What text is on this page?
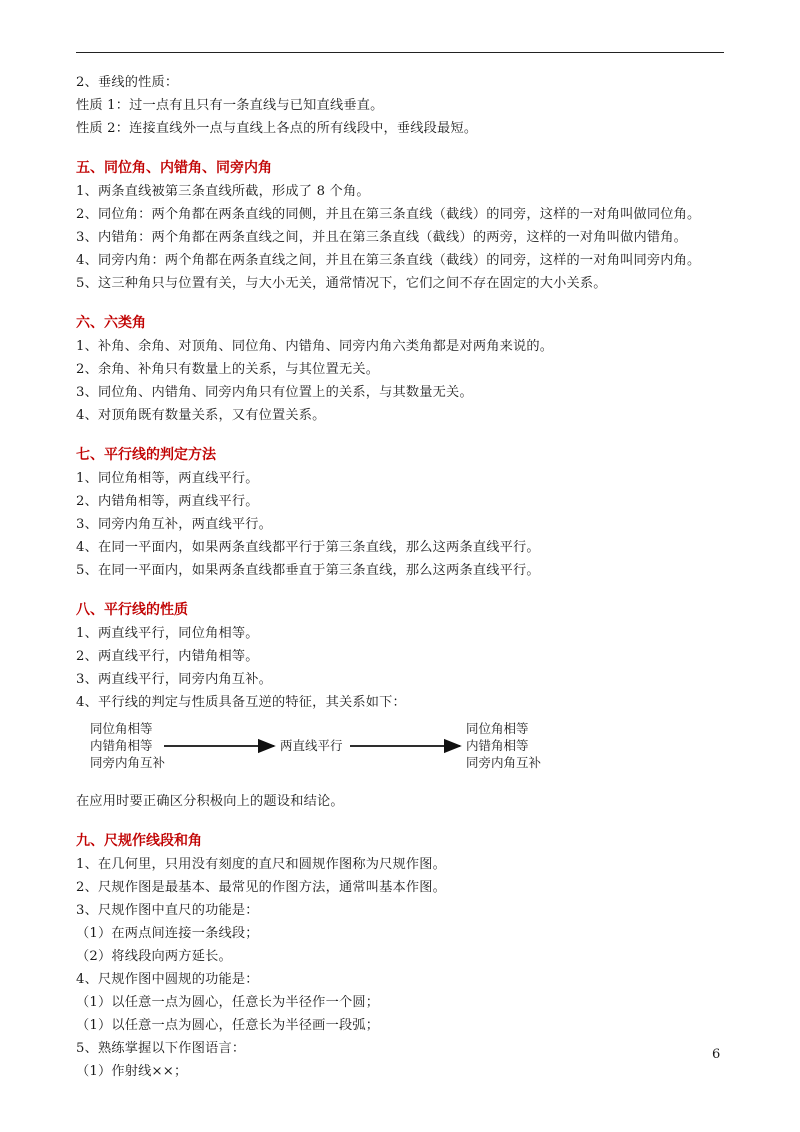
2、垂线的性质：
性质 1：过一点有且只有一条直线与已知直线垂直。
性质 2：连接直线外一点与直线上各点的所有线段中，垂线段最短。
五、同位角、内错角、同旁内角
1、两条直线被第三条直线所截，形成了 8 个角。
2、同位角：两个角都在两条直线的同侧，并且在第三条直线（截线）的同旁，这样的一对角叫做同位角。
3、内错角：两个角都在两条直线之间，并且在第三条直线（截线）的两旁，这样的一对角叫做内错角。
4、同旁内角：两个角都在两条直线之间，并且在第三条直线（截线）的同旁，这样的一对角叫同旁内角。
5、这三种角只与位置有关，与大小无关，通常情况下，它们之间不存在固定的大小关系。
六、六类角
1、补角、余角、对顶角、同位角、内错角、同旁内角六类角都是对两角来说的。
2、余角、补角只有数量上的关系，与其位置无关。
3、同位角、内错角、同旁内角只有位置上的关系，与其数量无关。
4、对顶角既有数量关系，又有位置关系。
七、平行线的判定方法
1、同位角相等，两直线平行。
2、内错角相等，两直线平行。
3、同旁内角互补，两直线平行。
4、在同一平面内，如果两条直线都平行于第三条直线，那么这两条直线平行。
5、在同一平面内，如果两条直线都垂直于第三条直线，那么这两条直线平行。
八、平行线的性质
1、两直线平行，同位角相等。
2、两直线平行，内错角相等。
3、两直线平行，同旁内角互补。
4、平行线的判定与性质具备互逆的特征，其关系如下：
同位角相等
内错角相等
同旁内角互补
两直线平行
同位角相等
内错角相等
同旁内角互补
在应用时要正确区分积极向上的题设和结论。
九、尺规作线段和角
1、在几何里，只用没有刻度的直尺和圆规作图称为尺规作图。
2、尺规作图是最基本、最常见的作图方法，通常叫基本作图。
3、尺规作图中直尺的功能是：
（1）在两点间连接一条线段；
（2）将线段向两方延长。
4、尺规作图中圆规的功能是：
（1）以任意一点为圆心，任意长为半径作一个圆；
（1）以任意一点为圆心，任意长为半径画一段弧；
5、熟练掌握以下作图语言：
（1）作射线××；
6
